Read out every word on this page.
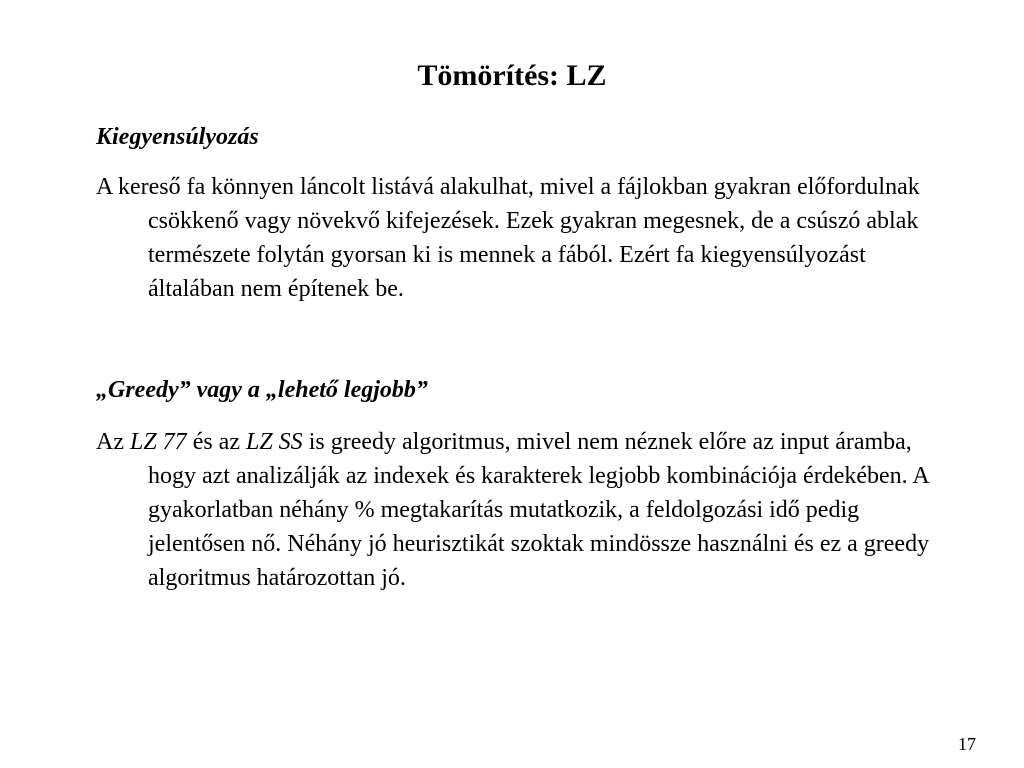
Tömörítés: LZ
Kiegyensúlyozás

A kereső fa könnyen láncolt listává alakulhat, mivel a fájlokban gyakran előfordulnak csökkenő vagy növekvő kifejezések. Ezek gyakran megesnek, de a csúszó ablak természete folytán gyorsan ki is mennek a fából. Ezért fa kiegyensúlyozást általában nem építenek be.

„Greedy” vagy a „lehető legjobb”

Az LZ 77 és az LZ SS is greedy algoritmus, mivel nem néznek előre az input áramba, hogy azt analizálják az indexek és karakterek legjobb kombinációja érdekében. A gyakorlatban néhány % megtakarítás mutatkozik, a feldolgozási idő pedig jelentősen nő. Néhány jó heurisztikát szoktak mindössze használni és ez a greedy algoritmus határozottan jó.

17
